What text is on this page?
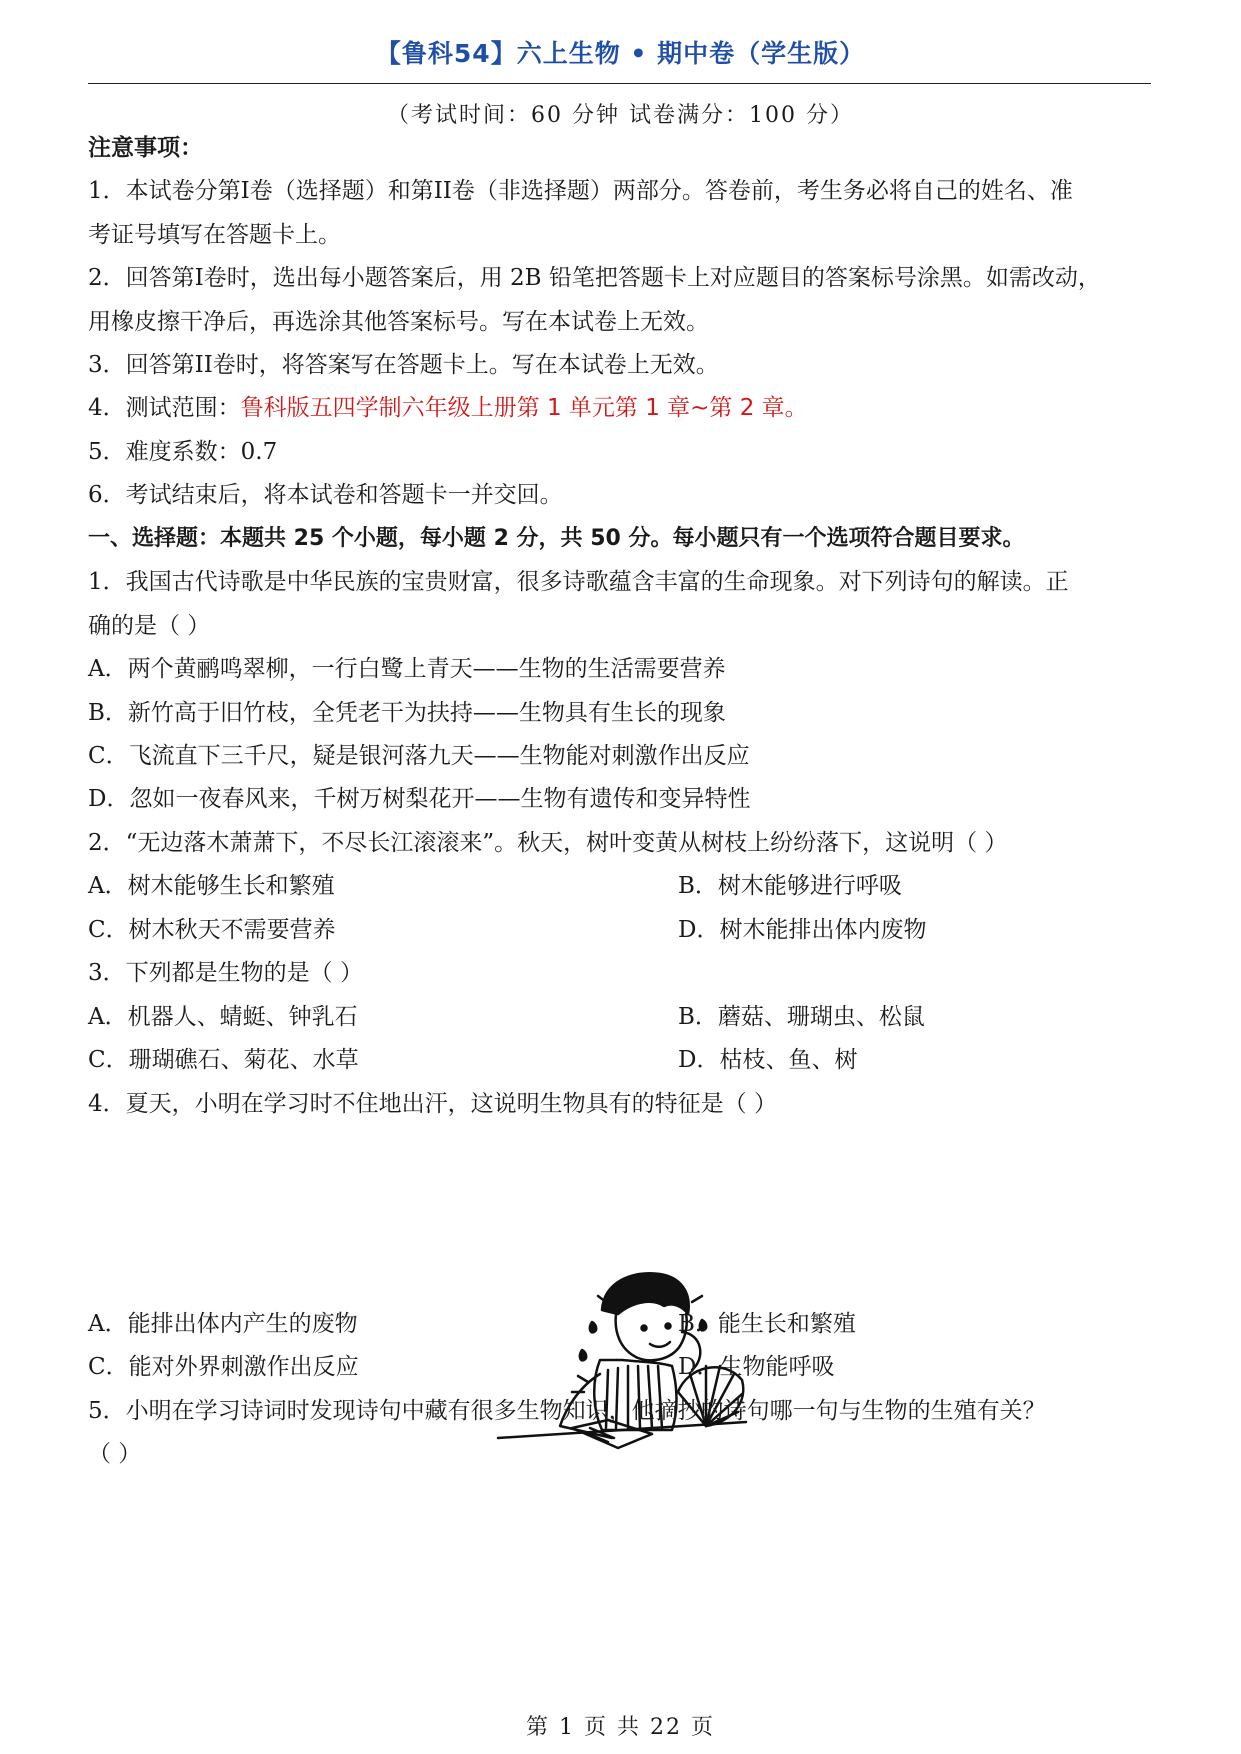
【鲁科54】六上生物 • 期中卷（学生版）
（考试时间：60 分钟 试卷满分：100 分）
注意事项：
1．本试卷分第I卷（选择题）和第II卷（非选择题）两部分。答卷前，考生务必将自己的姓名、准
考证号填写在答题卡上。
2．回答第I卷时，选出每小题答案后，用 2B 铅笔把答题卡上对应题目的答案标号涂黑。如需改动，
用橡皮擦干净后，再选涂其他答案标号。写在本试卷上无效。
3．回答第II卷时，将答案写在答题卡上。写在本试卷上无效。
4．测试范围：鲁科版五四学制六年级上册第 1 单元第 1 章~第 2 章。
5．难度系数：0.7
6．考试结束后，将本试卷和答题卡一并交回。
一、选择题：本题共 25 个小题，每小题 2 分，共 50 分。每小题只有一个选项符合题目要求。
1．我国古代诗歌是中华民族的宝贵财富，很多诗歌蕴含丰富的生命现象。对下列诗句的解读。正
确的是（ ）
A．两个黄鹂鸣翠柳，一行白鹭上青天——生物的生活需要营养
B．新竹高于旧竹枝，全凭老干为扶持——生物具有生长的现象
C．飞流直下三千尺，疑是银河落九天——生物能对刺激作出反应
D．忽如一夜春风来，千树万树梨花开——生物有遗传和变异特性
2．“无边落木萧萧下，不尽长江滚滚来”。秋天，树叶变黄从树枝上纷纷落下，这说明（ ）
A．树木能够生长和繁殖	B．树木能够进行呼吸
C．树木秋天不需要营养	D．树木能排出体内废物
3．下列都是生物的是（ ）
A．机器人、蜻蜓、钟乳石	B．蘑菇、珊瑚虫、松鼠
C．珊瑚礁石、菊花、水草	D．枯枝、鱼、树
4．夏天，小明在学习时不住地出汗，这说明生物具有的特征是（ ）
A．能排出体内产生的废物	B．能生长和繁殖
C．能对外界刺激作出反应	D．生物能呼吸
5．小明在学习诗词时发现诗句中藏有很多生物知识，他摘抄的诗句哪一句与生物的生殖有关？
（ ）
第 1 页 共 22 页
